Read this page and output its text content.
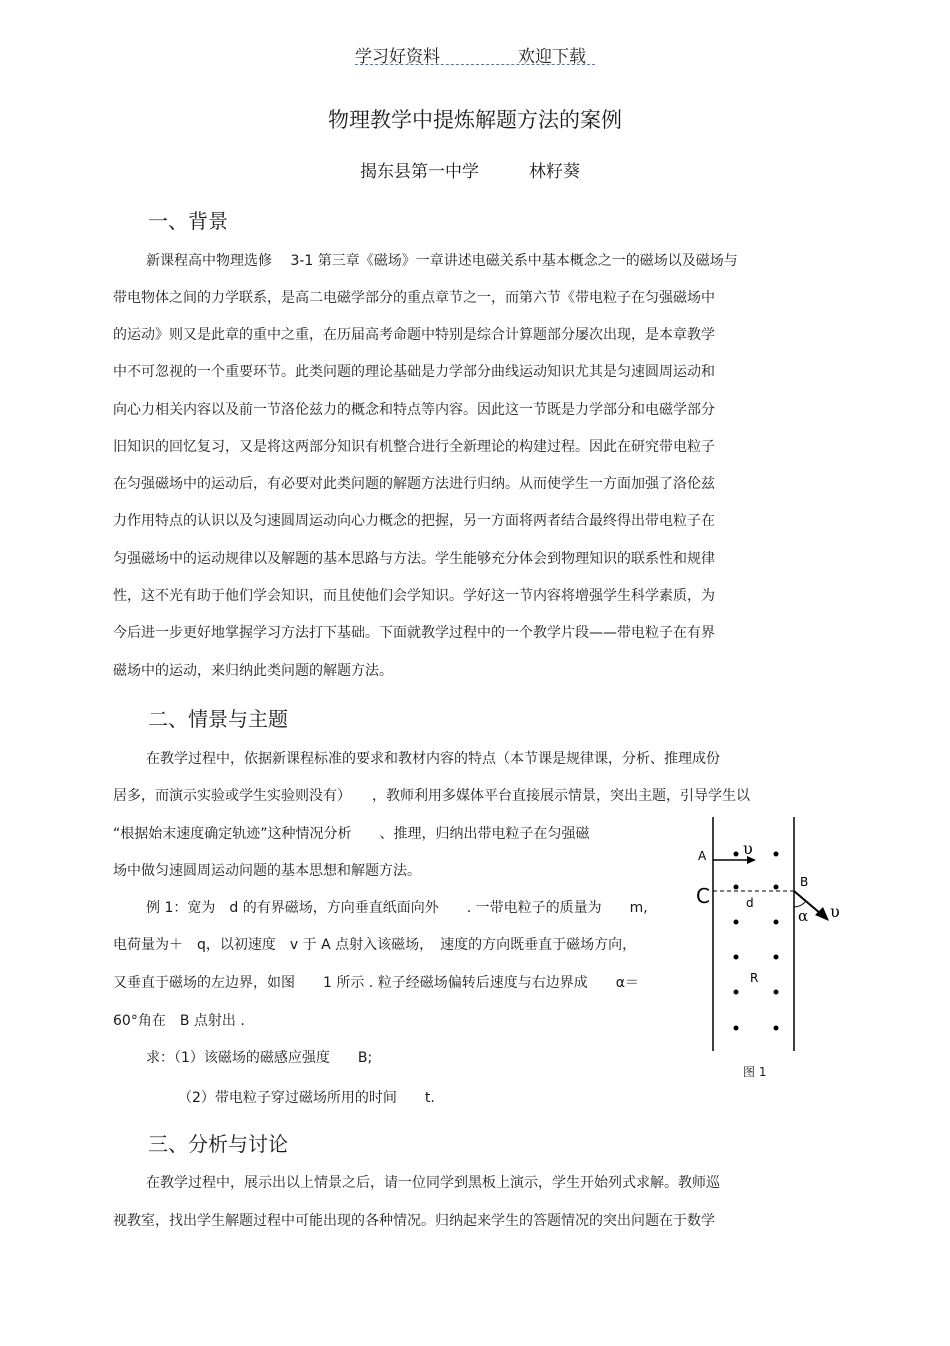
学习好资料	欢迎下载
物理教学中提炼解题方法的案例
揭东县第一中学	林籽葵
一、背景
新课程高中物理选修　 3-1 第三章《磁场》一章讲述电磁关系中基本概念之一的磁场以及磁场与
带电物体之间的力学联系，是高二电磁学部分的重点章节之一，而第六节《带电粒子在匀强磁场中
的运动》则又是此章的重中之重，在历届高考命题中特别是综合计算题部分屡次出现，是本章教学
中不可忽视的一个重要环节。此类问题的理论基础是力学部分曲线运动知识尤其是匀速圆周运动和
向心力相关内容以及前一节洛伦兹力的概念和特点等内容。因此这一节既是力学部分和电磁学部分
旧知识的回忆复习，又是将这两部分知识有机整合进行全新理论的构建过程。因此在研究带电粒子
在匀强磁场中的运动后，有必要对此类问题的解题方法进行归纳。从而使学生一方面加强了洛伦兹
力作用特点的认识以及匀速圆周运动向心力概念的把握，另一方面将两者结合最终得出带电粒子在
匀强磁场中的运动规律以及解题的基本思路与方法。学生能够充分体会到物理知识的联系性和规律
性，这不光有助于他们学会知识，而且使他们会学知识。学好这一节内容将增强学生科学素质，为
今后进一步更好地掌握学习方法打下基础。下面就教学过程中的一个教学片段——带电粒子在有界
磁场中的运动，来归纳此类问题的解题方法。
二、情景与主题
在教学过程中，依据新课程标准的要求和教材内容的特点（本节课是规律课，分析、推理成份
居多，而演示实验或学生实验则没有）　　，教师利用多媒体平台直接展示情景，突出主题，引导学生以
“根据始末速度确定轨迹”这种情况分析　　、推理，归纳出带电粒子在匀强磁
场中做匀速圆周运动问题的基本思想和解题方法。
例 1：宽为　d 的有界磁场，方向垂直纸面向外　　. 一带电粒子的质量为　　m,
电荷量为＋　q，以初速度　v 于 A 点射入该磁场，　速度的方向既垂直于磁场方向，
又垂直于磁场的左边界，如图　　1 所示 . 粒子经磁场偏转后速度与右边界成　　α＝
60°角在　B 点射出 .
求：（1）该磁场的磁感应强度　　B;
（2）带电粒子穿过磁场所用的时间　　t.
A
C
B
d
R
υ
υ
α
图 1
三、分析与讨论
在教学过程中，展示出以上情景之后，请一位同学到黑板上演示，学生开始列式求解。教师巡
视教室，找出学生解题过程中可能出现的各种情况。归纳起来学生的答题情况的突出问题在于数学
